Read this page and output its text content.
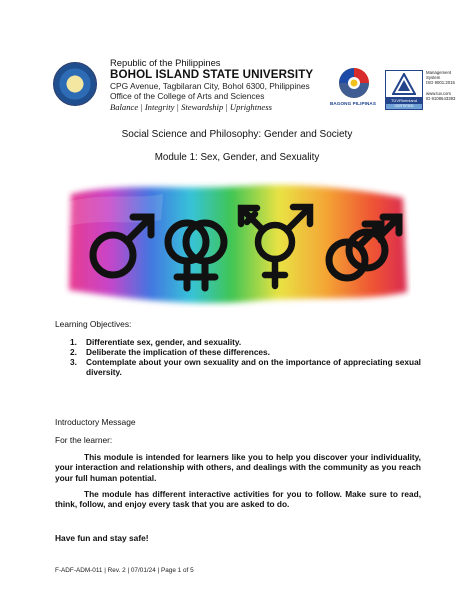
Republic of the Philippines
BOHOL ISLAND STATE UNIVERSITY
CPG Avenue, Tagbilaran City, Bohol 6300, Philippines
Office of the College of Arts and Sciences
Balance | Integrity | Stewardship | Uprightness	BAGONG PILIPINAS
TÜVRheinland
CERTIFIED
Management
System
ISO 9001:2015

www.tuv.com
ID 9108643393
Social Science and Philosophy: Gender and Society
Module 1: Sex, Gender, and Sexuality
Learning Objectives:
1. Differentiate sex, gender, and sexuality.
2. Deliberate the implication of these differences.
3. Contemplate about your own sexuality and on the importance of appreciating sexual diversity.
Introductory Message
For the learner:
This module is intended for learners like you to help you discover your individuality, your interaction and relationship with others, and dealings with the community as you reach your full human potential.
The module has different interactive activities for you to follow. Make sure to read, think, follow, and enjoy every task that you are asked to do.
Have fun and stay safe!
F-ADF-ADM-011 | Rev. 2 | 07/01/24 | Page 1 of 5
